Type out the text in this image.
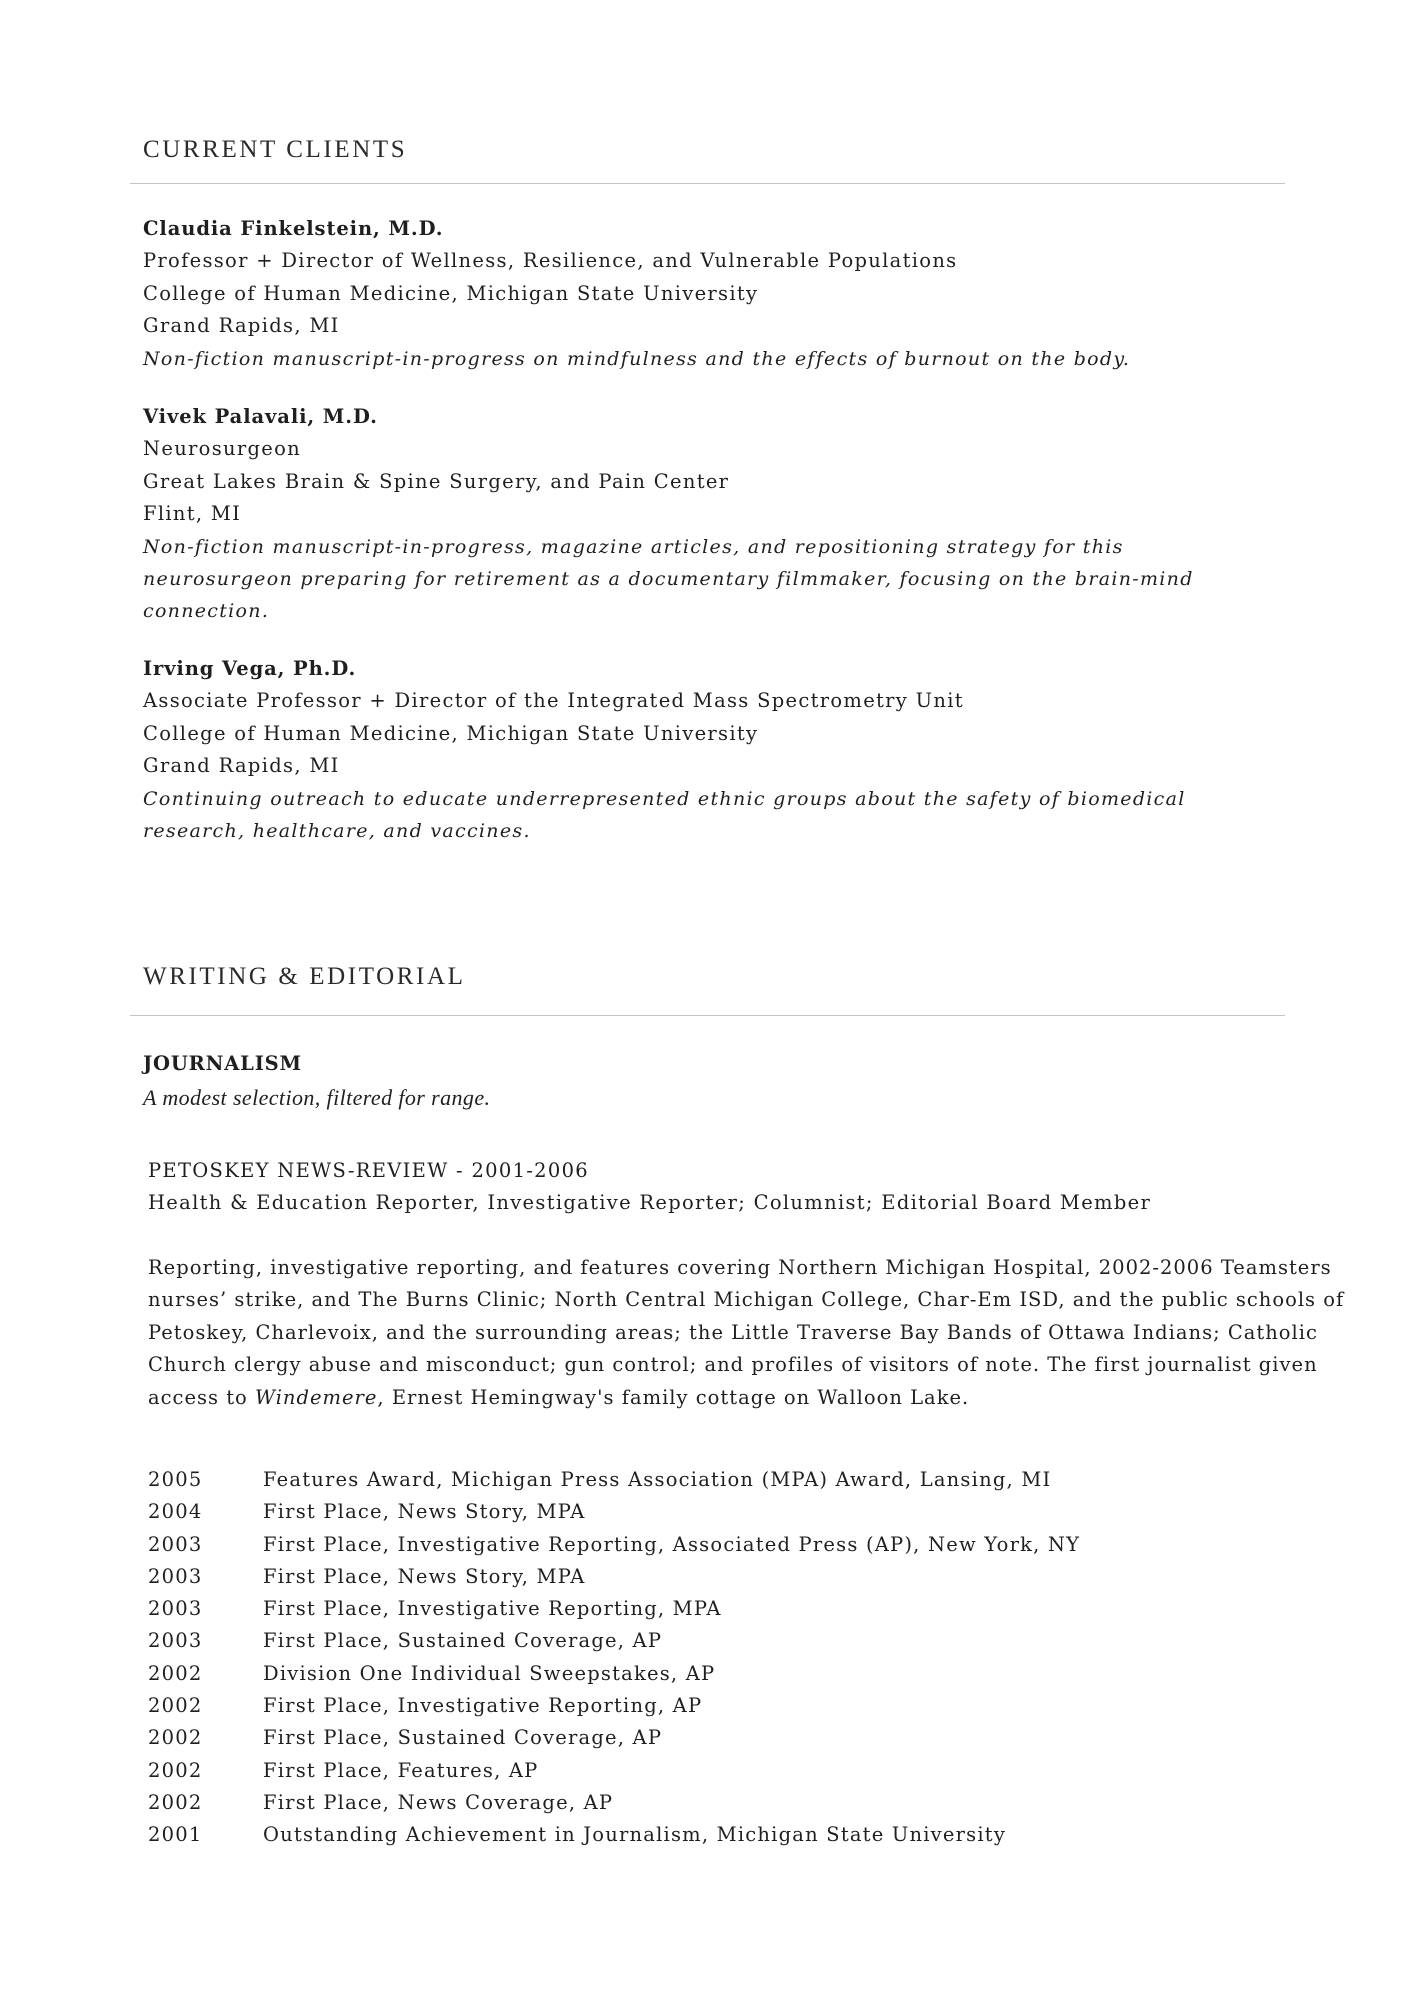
CURRENT CLIENTS
Claudia Finkelstein, M.D.
Professor + Director of Wellness, Resilience, and Vulnerable Populations
College of Human Medicine, Michigan State University
Grand Rapids, MI
Non-fiction manuscript-in-progress on mindfulness and the effects of burnout on the body.
Vivek Palavali, M.D.
Neurosurgeon
Great Lakes Brain & Spine Surgery, and Pain Center
Flint, MI
Non-fiction manuscript-in-progress, magazine articles, and repositioning strategy for this neurosurgeon preparing for retirement as a documentary filmmaker, focusing on the brain-mind connection.
Irving Vega, Ph.D.
Associate Professor + Director of the Integrated Mass Spectrometry Unit
College of Human Medicine, Michigan State University
Grand Rapids, MI
Continuing outreach to educate underrepresented ethnic groups about the safety of biomedical research, healthcare, and vaccines.
WRITING & EDITORIAL
JOURNALISM

A modest selection, filtered for range.

PETOSKEY NEWS-REVIEW - 2001-2006
Health & Education Reporter, Investigative Reporter; Columnist; Editorial Board Member

Reporting, investigative reporting, and features covering Northern Michigan Hospital, 2002-2006 Teamsters nurses’ strike, and The Burns Clinic; North Central Michigan College, Char-Em ISD, and the public schools of Petoskey, Charlevoix, and the surrounding areas; the Little Traverse Bay Bands of Ottawa Indians; Catholic Church clergy abuse and misconduct; gun control; and profiles of visitors of note. The first journalist given access to Windemere, Ernest Hemingway's family cottage on Walloon Lake.

2005	Features Award, Michigan Press Association (MPA) Award, Lansing, MI
2004	First Place, News Story, MPA
2003	First Place, Investigative Reporting, Associated Press (AP), New York, NY
2003	First Place, News Story, MPA
2003	First Place, Investigative Reporting, MPA
2003	First Place, Sustained Coverage, AP
2002	Division One Individual Sweepstakes, AP
2002	First Place, Investigative Reporting, AP
2002	First Place, Sustained Coverage, AP
2002	First Place, Features, AP
2002	First Place, News Coverage, AP
2001	Outstanding Achievement in Journalism, Michigan State University
